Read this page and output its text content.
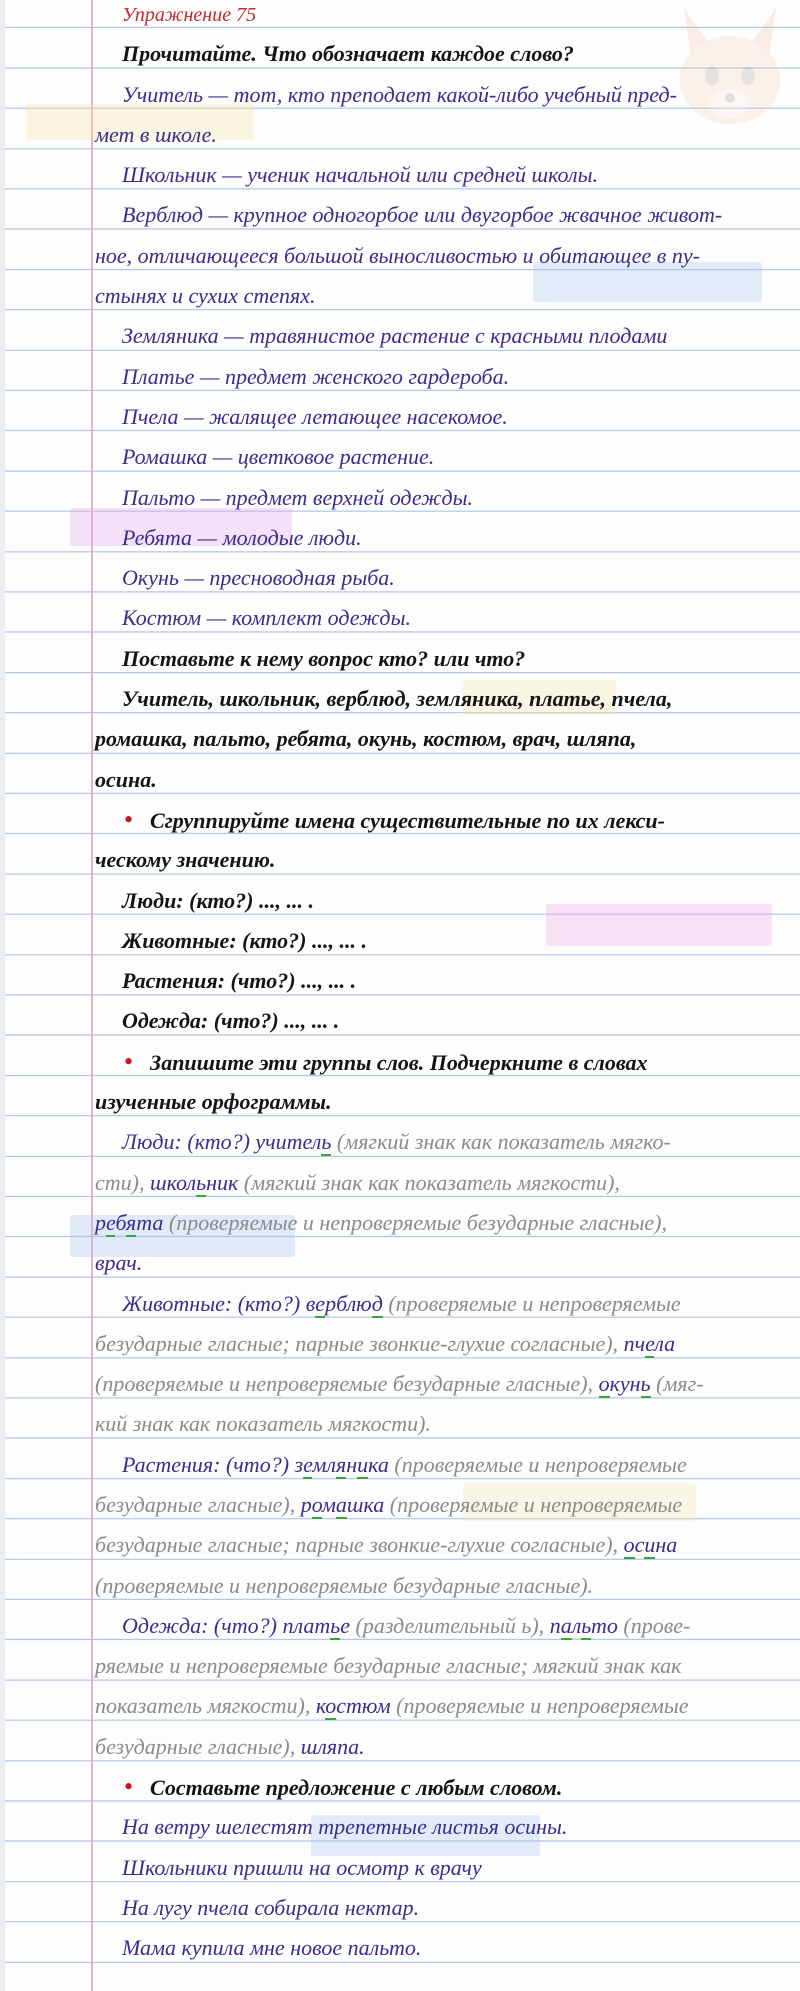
Упражнение 75
Прочитайте. Что обозначает каждое слово?
Учитель — тот, кто преподает какой-либо учебный пред-
мет в школе.
Школьник — ученик начальной или средней школы.
Верблюд — крупное одногорбое или двугорбое жвачное живот-
ное, отличающееся большой выносливостью и обитающее в пу-
стынях и сухих степях.
Земляника — травянистое растение с красными плодами
Платье — предмет женского гардероба.
Пчела — жалящее летающее насекомое.
Ромашка — цветковое растение.
Пальто — предмет верхней одежды.
Ребята — молодые люди.
Окунь — пресноводная рыба.
Костюм — комплект одежды.
Поставьте к нему вопрос кто? или что?
Учитель, школьник, верблюд, земляника, платье, пчела,
ромашка, пальто, ребята, окунь, костюм, врач, шляпа,
осина.
• Сгруппируйте имена существительные по их лекси-
ческому значению.
Люди: (кто?) ..., ... .
Животные: (кто?) ..., ... .
Растения: (что?) ..., ... .
Одежда: (что?) ..., ... .
• Запишите эти группы слов. Подчеркните в словах
изученные орфограммы.
Люди: (кто?) учитель (мягкий знак как показатель мягко-
сти), школьник (мягкий знак как показатель мягкости),
ребята (проверяемые и непроверяемые безударные гласные),
врач.
Животные: (кто?) верблюд (проверяемые и непроверяемые
безударные гласные; парные звонкие-глухие согласные), пчела
(проверяемые и непроверяемые безударные гласные), окунь (мяг-
кий знак как показатель мягкости).
Растения: (что?) земляника (проверяемые и непроверяемые
безударные гласные), ромашка (проверяемые и непроверяемые
безударные гласные; парные звонкие-глухие согласные), осина
(проверяемые и непроверяемые безударные гласные).
Одежда: (что?) платье (разделительный ь), пальто (прове-
ряемые и непроверяемые безударные гласные; мягкий знак как
показатель мягкости), костюм (проверяемые и непроверяемые
безударные гласные), шляпа.
• Составьте предложение с любым словом.
На ветру шелестят трепетные листья осины.
Школьники пришли на осмотр к врачу
На лугу пчела собирала нектар.
Мама купила мне новое пальто.
